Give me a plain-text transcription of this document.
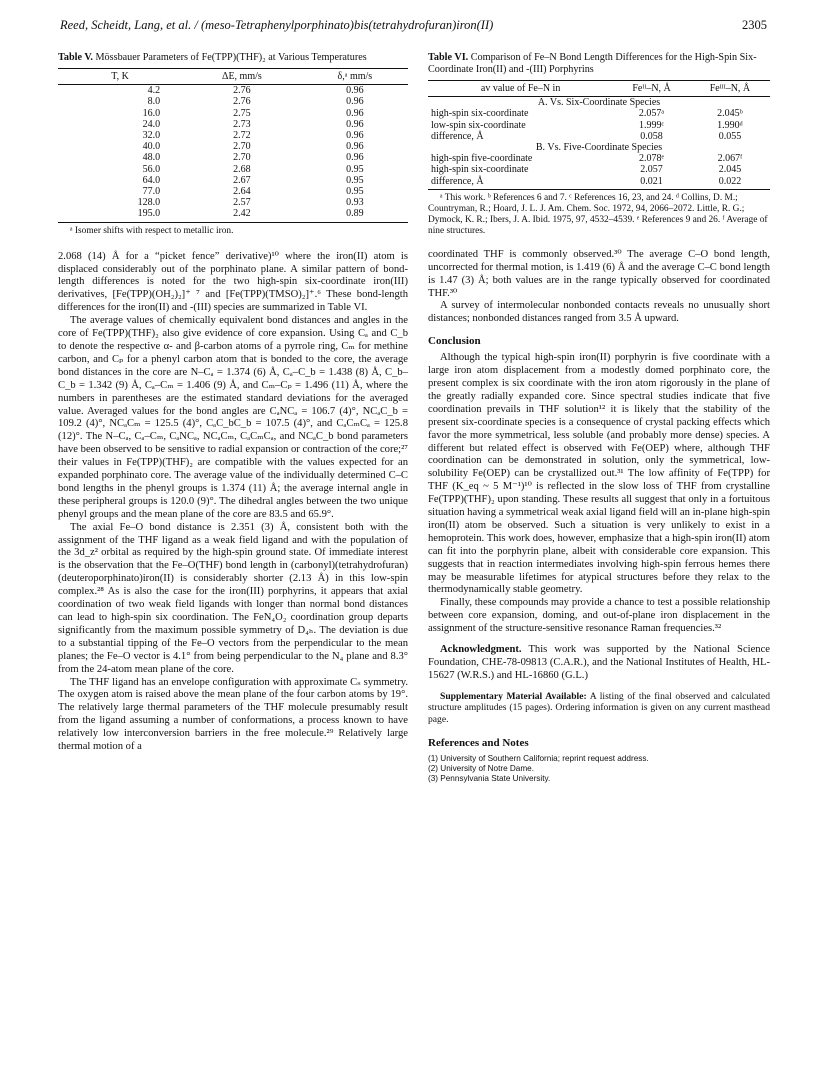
Reed, Scheidt, Lang, et al. / (meso-Tetraphenylporphinato)bis(tetrahydrofuran)iron(II)	2305
Table V. Mössbauer Parameters of Fe(TPP)(THF)₂ at Various Temperatures
T, K	ΔE, mm/s	δ,ᵃ mm/s
4.2	2.76	0.96
8.0	2.76	0.96
16.0	2.75	0.96
24.0	2.73	0.96
32.0	2.72	0.96
40.0	2.70	0.96
48.0	2.70	0.96
56.0	2.68	0.95
64.0	2.67	0.95
77.0	2.64	0.95
128.0	2.57	0.93
195.0	2.42	0.89
ᵃ Isomer shifts with respect to metallic iron.

2.068 (14) Å for a “picket fence” derivative)¹⁰ where the iron(II) atom is displaced considerably out of the porphinato plane. A similar pattern of bond-length differences is noted for the two high-spin six-coordinate iron(III) derivatives, [Fe(TPP)(OH₂)₂]⁺ ⁷ and [Fe(TPP)(TMSO)₂]⁺.⁶ These bond-length differences for the iron(II) and -(III) species are summarized in Table VI.

The average values of chemically equivalent bond distances and angles in the core of Fe(TPP)(THF)₂ also give evidence of core expansion. Using Cₐ and C_b to denote the respective α- and β-carbon atoms of a pyrrole ring, Cₘ for methine carbon, and Cₚ for a phenyl carbon atom that is bonded to the core, the average bond distances in the core are N–Cₐ = 1.374 (6) Å, Cₐ–C_b = 1.438 (8) Å, C_b–C_b = 1.342 (9) Å, Cₐ–Cₘ = 1.406 (9) Å, and Cₘ–Cₚ = 1.496 (11) Å, where the numbers in parentheses are the estimated standard deviations for the averaged value. Averaged values for the bond angles are CₐNCₐ = 106.7 (4)°, NCₐC_b = 109.2 (4)°, NCₐCₘ = 125.5 (4)°, CₐC_bC_b = 107.5 (4)°, and CₐCₘCₐ = 125.8 (12)°. The N–Cₐ, Cₐ–Cₘ, CₐNCₐ, NCₐCₘ, CₐCₘCₐ, and NCₐC_b bond parameters have been observed to be sensitive to radial expansion or contraction of the core;²⁷ their values in Fe(TPP)(THF)₂ are compatible with the values expected for an expanded porphinato core. The average value of the individually determined C–C bond lengths in the phenyl groups is 1.374 (11) Å; the average internal angle in these peripheral groups is 120.0 (9)°. The dihedral angles between the two unique phenyl groups and the mean plane of the core are 83.5 and 65.9°.

The axial Fe–O bond distance is 2.351 (3) Å, consistent both with the assignment of the THF ligand as a weak field ligand and with the population of the 3d_z² orbital as required by the high-spin ground state. Of immediate interest is the observation that the Fe–O(THF) bond length in (carbonyl)(tetrahydrofuran)(deuteroporphinato)iron(II) is considerably shorter (2.13 Å) in this low-spin complex.²⁸ As is also the case for the iron(III) porphyrins, it appears that axial coordination of two weak field ligands with longer than normal bond distances can lead to high-spin six coordination. The FeN₄O₂ coordination group departs significantly from the maximum possible symmetry of D₄ₕ. The deviation is due to a substantial tipping of the Fe–O vectors from the perpendicular to the mean planes; the Fe–O vector is 4.1° from being perpendicular to the N₄ plane and 8.3° from the 24-atom mean plane of the core.

The THF ligand has an envelope configuration with approximate Cₛ symmetry. The oxygen atom is raised above the mean plane of the four carbon atoms by 19°. The relatively large thermal parameters of the THF molecule presumably result from the ligand assuming a number of conformations, a process known to have relatively low interconversion barriers in the free molecule.²⁹ Relatively large thermal motion of a

Table VI. Comparison of Fe–N Bond Length Differences for the High-Spin Six-Coordinate Iron(II) and -(III) Porphyrins
av value of Fe–N in	Feᴵᴵ–N, Å	Feᴵᴵᴵ–N, Å
A. Vs. Six-Coordinate Species		
high-spin six-coordinate	2.057ᵃ	2.045ᵇ
low-spin six-coordinate	1.999ᶜ	1.990ᵈ
difference, Å	0.058	0.055
B. Vs. Five-Coordinate Species		
high-spin five-coordinate	2.078ᵉ	2.067ᶠ
high-spin six-coordinate	2.057	2.045
difference, Å	0.021	0.022
ᵃ This work. ᵇ References 6 and 7. ᶜ References 16, 23, and 24. ᵈ Collins, D. M.; Countryman, R.; Hoard, J. L. J. Am. Chem. Soc. 1972, 94, 2066–2072. Little, R. G.; Dymock, K. R.; Ibers, J. A. Ibid. 1975, 97, 4532–4539. ᵉ References 9 and 26. ᶠ Average of nine structures.

coordinated THF is commonly observed.³⁰ The average C–O bond length, uncorrected for thermal motion, is 1.419 (6) Å and the average C–C bond length is 1.47 (3) Å; both values are in the range typically observed for coordinated THF.³⁰

A survey of intermolecular nonbonded contacts reveals no unusually short distances; nonbonded distances ranged from 3.5 Å upward.

Conclusion

Although the typical high-spin iron(II) porphyrin is five coordinate with a large iron atom displacement from a modestly domed porphinato core, the present complex is six coordinate with the iron atom rigorously in the plane of the greatly radially expanded core. Since spectral studies indicate that five coordination prevails in THF solution¹² it is likely that the stability of the present six-coordinate species is a consequence of crystal packing effects which favor the more symmetrical, less soluble (and probably more dense) species. A different but related effect is observed with Fe(OEP) where, although THF coordination can be demonstrated in solution, only the symmetrical, low-solubility Fe(OEP) can be crystallized out.³¹ The low affinity of Fe(TPP) for THF (K_eq ~ 5 M⁻¹)¹⁰ is reflected in the slow loss of THF from crystalline Fe(TPP)(THF)₂ upon standing. These results all suggest that only in a fortuitous situation having a symmetrical weak axial ligand field will an in-plane high-spin iron(II) atom be observed. Such a situation is very unlikely to exist in a hemoprotein. This work does, however, emphasize that a high-spin iron(II) atom can fit into the porphyrin plane, albeit with considerable core expansion. This suggests that in reaction intermediates involving high-spin ferrous hemes there may be measurable lifetimes for atypical structures before they relax to the thermodynamically stable geometry.

Finally, these compounds may provide a chance to test a possible relationship between core expansion, doming, and out-of-plane iron displacement in the assignment of the structure-sensitive resonance Raman frequencies.³²

Acknowledgment. This work was supported by the National Science Foundation, CHE-78-09813 (C.A.R.), and the National Institutes of Health, HL-15627 (W.R.S.) and HL-16860 (G.L.)

Supplementary Material Available: A listing of the final observed and calculated structure amplitudes (15 pages). Ordering information is given on any current masthead page.

References and Notes
(1) University of Southern California; reprint request address.
(2) University of Notre Dame.
(3) Pennsylvania State University.
